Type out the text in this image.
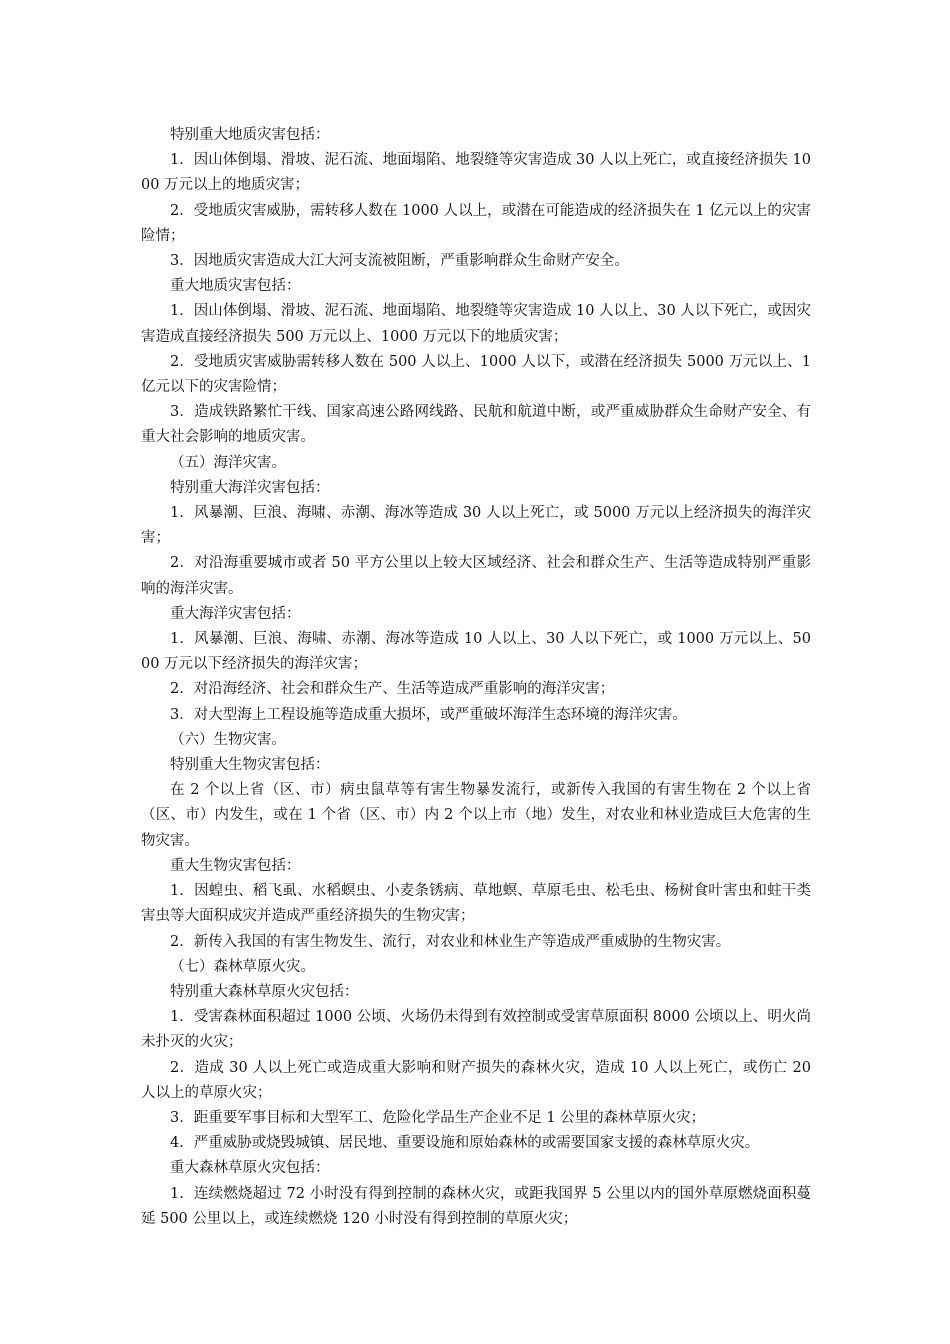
特别重大地质灾害包括：

1．因山体倒塌、滑坡、泥石流、地面塌陷、地裂缝等灾害造成 30 人以上死亡，或直接经济损失 1000 万元以上的地质灾害；

2．受地质灾害威胁，需转移人数在 1000 人以上，或潜在可能造成的经济损失在 1 亿元以上的灾害险情；

3．因地质灾害造成大江大河支流被阻断，严重影响群众生命财产安全。

重大地质灾害包括：

1．因山体倒塌、滑坡、泥石流、地面塌陷、地裂缝等灾害造成 10 人以上、30 人以下死亡，或因灾害造成直接经济损失 500 万元以上、1000 万元以下的地质灾害；

2．受地质灾害威胁需转移人数在 500 人以上、1000 人以下，或潜在经济损失 5000 万元以上、1 亿元以下的灾害险情；

3．造成铁路繁忙干线、国家高速公路网线路、民航和航道中断，或严重威胁群众生命财产安全、有重大社会影响的地质灾害。

（五）海洋灾害。

特别重大海洋灾害包括：

1．风暴潮、巨浪、海啸、赤潮、海冰等造成 30 人以上死亡，或 5000 万元以上经济损失的海洋灾害；

2．对沿海重要城市或者 50 平方公里以上较大区域经济、社会和群众生产、生活等造成特别严重影响的海洋灾害。

重大海洋灾害包括：

1．风暴潮、巨浪、海啸、赤潮、海冰等造成 10 人以上、30 人以下死亡，或 1000 万元以上、5000 万元以下经济损失的海洋灾害；

2．对沿海经济、社会和群众生产、生活等造成严重影响的海洋灾害；

3．对大型海上工程设施等造成重大损坏，或严重破坏海洋生态环境的海洋灾害。

（六）生物灾害。

特别重大生物灾害包括：

在 2 个以上省（区、市）病虫鼠草等有害生物暴发流行，或新传入我国的有害生物在 2 个以上省（区、市）内发生，或在 1 个省（区、市）内 2 个以上市（地）发生，对农业和林业造成巨大危害的生物灾害。

重大生物灾害包括：

1．因蝗虫、稻飞虱、水稻螟虫、小麦条锈病、草地螟、草原毛虫、松毛虫、杨树食叶害虫和蛀干类害虫等大面积成灾并造成严重经济损失的生物灾害；

2．新传入我国的有害生物发生、流行，对农业和林业生产等造成严重威胁的生物灾害。

（七）森林草原火灾。

特别重大森林草原火灾包括：

1．受害森林面积超过 1000 公顷、火场仍未得到有效控制或受害草原面积 8000 公顷以上、明火尚未扑灭的火灾；

2．造成 30 人以上死亡或造成重大影响和财产损失的森林火灾，造成 10 人以上死亡，或伤亡 20 人以上的草原火灾；

3．距重要军事目标和大型军工、危险化学品生产企业不足 1 公里的森林草原火灾；

4．严重威胁或烧毁城镇、居民地、重要设施和原始森林的或需要国家支援的森林草原火灾。

重大森林草原火灾包括：

1．连续燃烧超过 72 小时没有得到控制的森林火灾，或距我国界 5 公里以内的国外草原燃烧面积蔓延 500 公里以上，或连续燃烧 120 小时没有得到控制的草原火灾；
